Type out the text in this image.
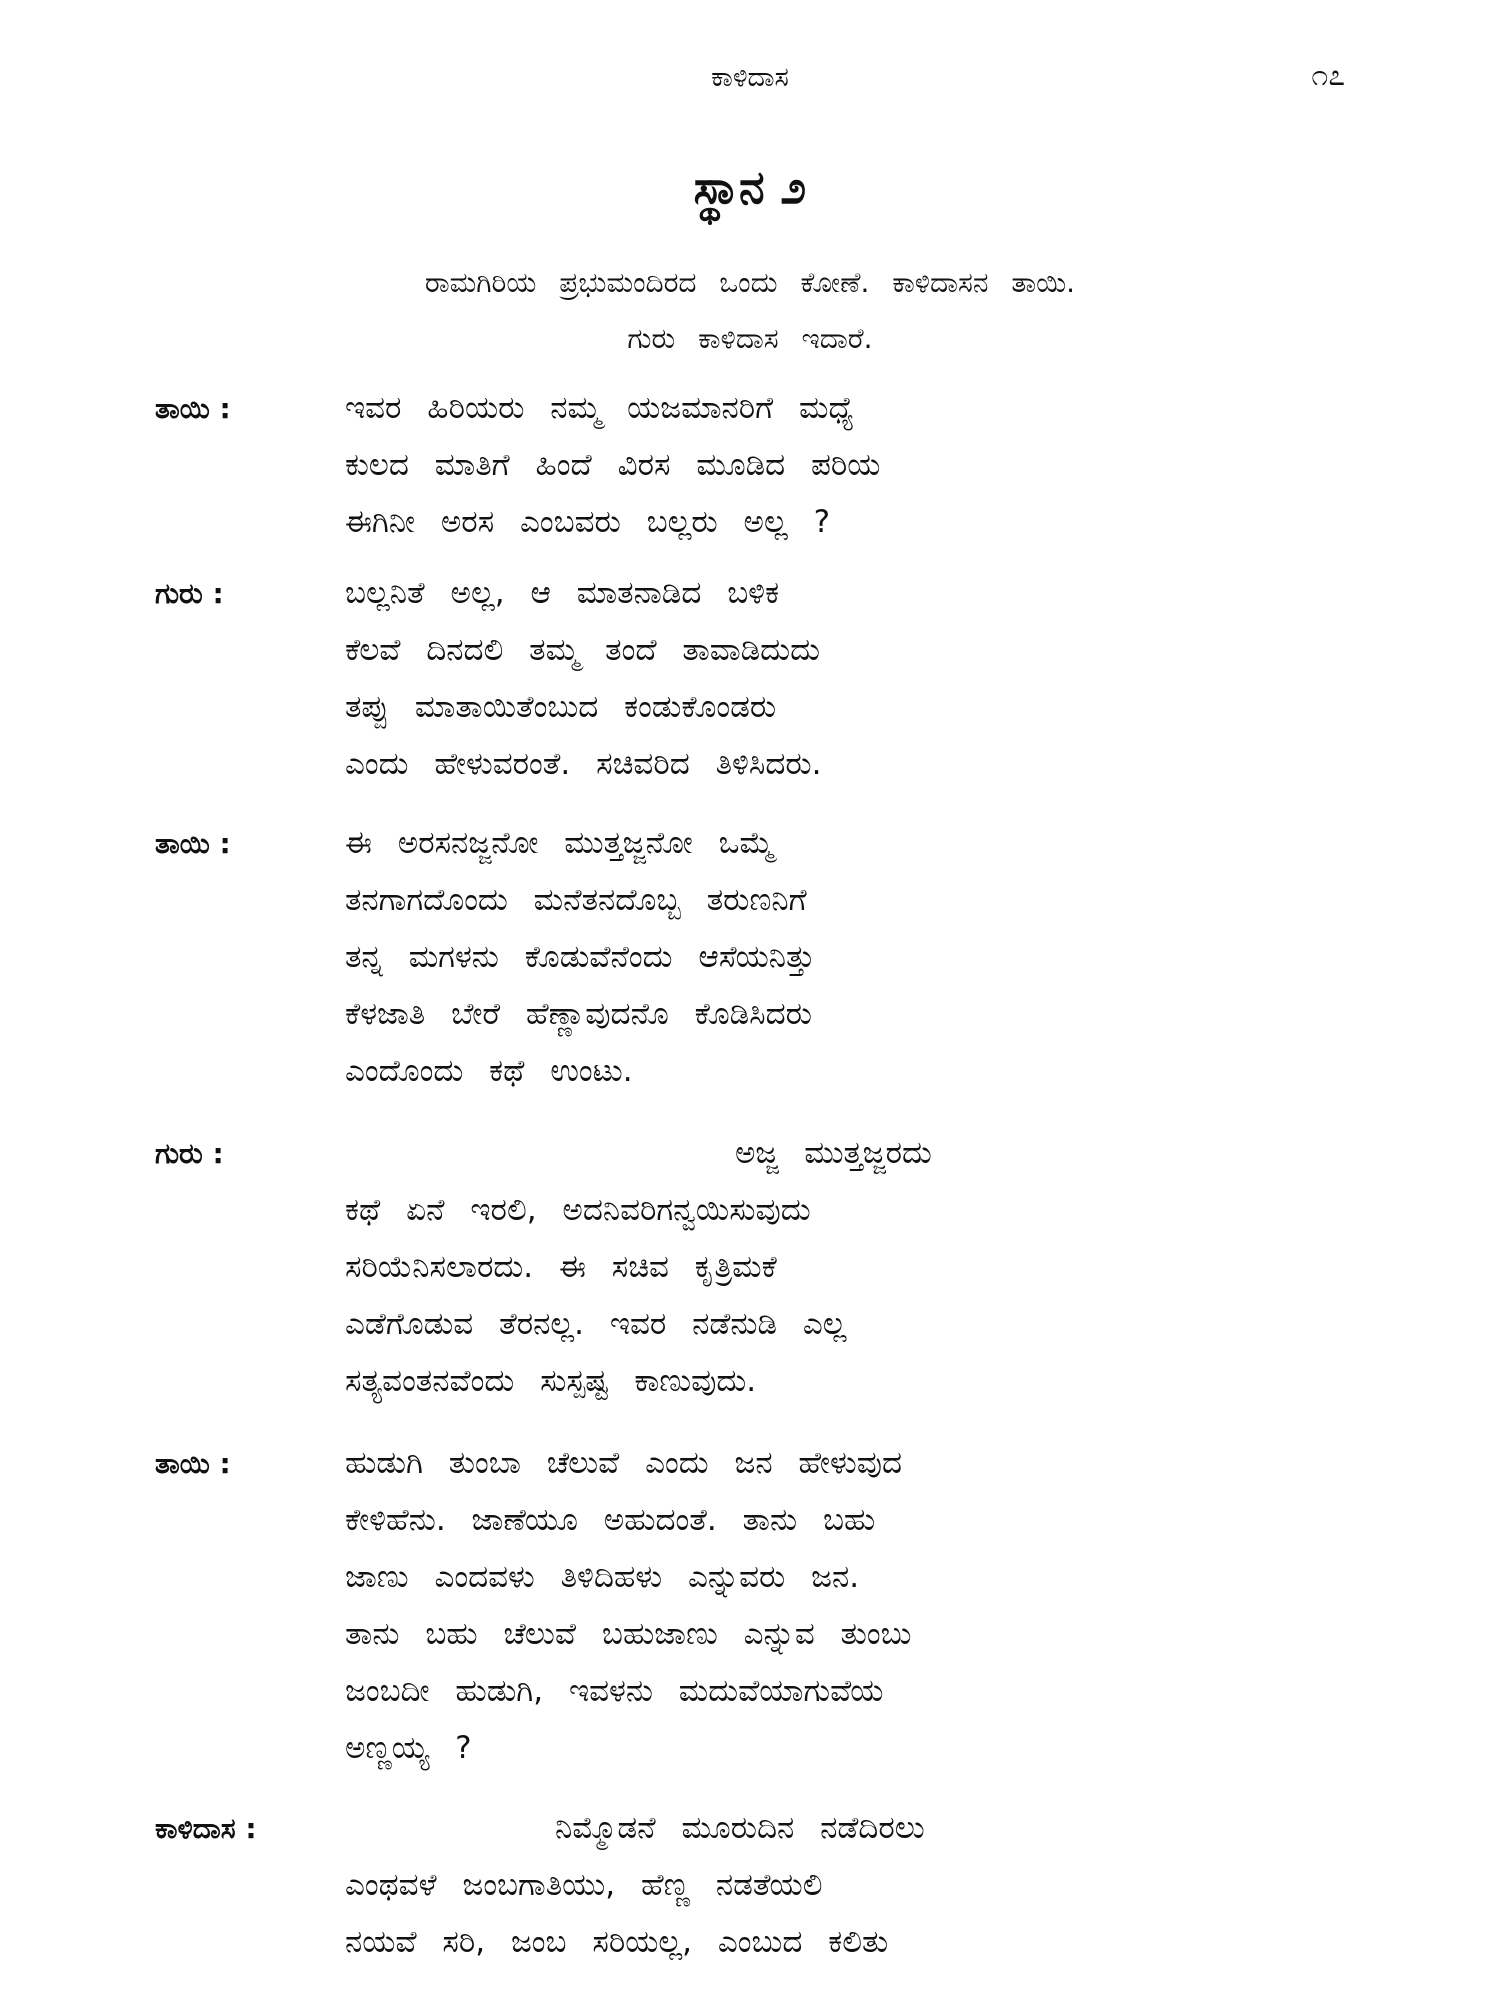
ಕಾಳಿದಾಸ	೧೭
ಸ್ಥಾನ ೨
ರಾಮಗಿರಿಯ ಪ್ರಭುಮಂದಿರದ ಒಂದು ಕೋಣೆ. ಕಾಳಿದಾಸನ ತಾಯಿ.
ಗುರು ಕಾಳಿದಾಸ ಇದಾರೆ.
ತಾಯಿ :	ಇವರ ಹಿರಿಯರು ನಮ್ಮ ಯಜಮಾನರಿಗೆ ಮಧ್ಯೆ
ಕುಲದ ಮಾತಿಗೆ ಹಿಂದೆ ವಿರಸ ಮೂಡಿದ ಪರಿಯ
ಈಗಿನೀ ಅರಸ ಎಂಬವರು ಬಲ್ಲರು ಅಲ್ಲ ?
ಗುರು :	ಬಲ್ಲನಿತೆ ಅಲ್ಲ, ಆ ಮಾತನಾಡಿದ ಬಳಿಕ
ಕೆಲವೆ ದಿನದಲಿ ತಮ್ಮ ತಂದೆ ತಾವಾಡಿದುದು
ತಪ್ಪು ಮಾತಾಯಿತೆಂಬುದ ಕಂಡುಕೊಂಡರು
ಎಂದು ಹೇಳುವರಂತೆ. ಸಚಿವರಿದ ತಿಳಿಸಿದರು.
ತಾಯಿ :	ಈ ಅರಸನಜ್ಜನೋ ಮುತ್ತಜ್ಜನೋ ಒಮ್ಮೆ
ತನಗಾಗದೊಂದು ಮನೆತನದೊಬ್ಬ ತರುಣನಿಗೆ
ತನ್ನ ಮಗಳನು ಕೊಡುವೆನೆಂದು ಆಸೆಯನಿತ್ತು
ಕೆಳಜಾತಿ ಬೇರೆ ಹೆಣ್ಣಾವುದನೊ ಕೊಡಿಸಿದರು
ಎಂದೊಂದು ಕಥೆ ಉಂಟು.
ಗುರು :	ಅಜ್ಜ ಮುತ್ತಜ್ಜರದು
ಕಥೆ ಏನೆ ಇರಲಿ, ಅದನಿವರಿಗನ್ವಯಿಸುವುದು
ಸರಿಯೆನಿಸಲಾರದು. ಈ ಸಚಿವ ಕೃತ್ರಿಮಕೆ
ಎಡೆಗೊಡುವ ತೆರನಲ್ಲ. ಇವರ ನಡೆನುಡಿ ಎಲ್ಲ
ಸತ್ಯವಂತನವೆಂದು ಸುಸ್ಪಷ್ಟ ಕಾಣುವುದು.
ತಾಯಿ :	ಹುಡುಗಿ ತುಂಬಾ ಚೆಲುವೆ ಎಂದು ಜನ ಹೇಳುವುದ
ಕೇಳಿಹೆನು. ಜಾಣೆಯೂ ಅಹುದಂತೆ. ತಾನು ಬಹು
ಜಾಣು ಎಂದವಳು ತಿಳಿದಿಹಳು ಎನ್ನುವರು ಜನ.
ತಾನು ಬಹು ಚೆಲುವೆ ಬಹುಜಾಣು ಎನ್ನುವ ತುಂಬು
ಜಂಬದೀ ಹುಡುಗಿ, ಇವಳನು ಮದುವೆಯಾಗುವೆಯ
ಅಣ್ಣಯ್ಯ ?
ಕಾಳಿದಾಸ :	ನಿಮ್ಮೊಡನೆ ಮೂರುದಿನ ನಡೆದಿರಲು
ಎಂಥವಳೆ ಜಂಬಗಾತಿಯು, ಹೆಣ್ಣ ನಡತೆಯಲಿ
ನಯವೆ ಸರಿ, ಜಂಬ ಸರಿಯಲ್ಲ, ಎಂಬುದ ಕಲಿತು
